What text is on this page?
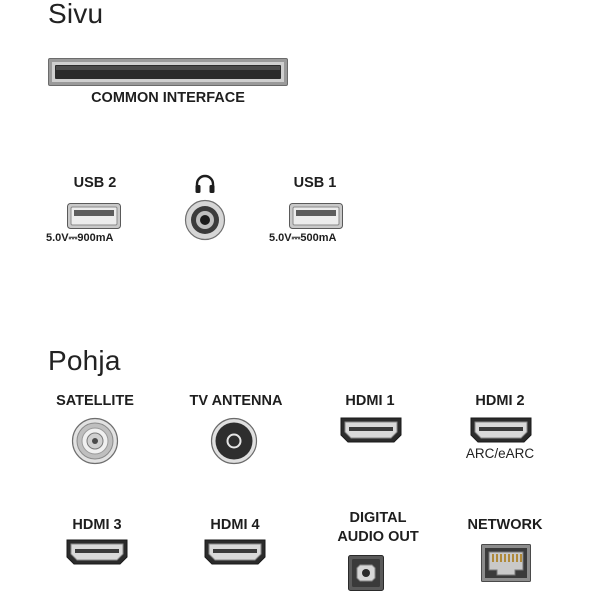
Sivu
COMMON INTERFACE
USB 2
5.0V⎓900mA
USB 1
5.0V⎓500mA
Pohja
SATELLITE	TV ANTENNA	HDMI 1	HDMI 2
ARC/eARC
HDMI 3	HDMI 4	DIGITAL
AUDIO OUT
NETWORK
